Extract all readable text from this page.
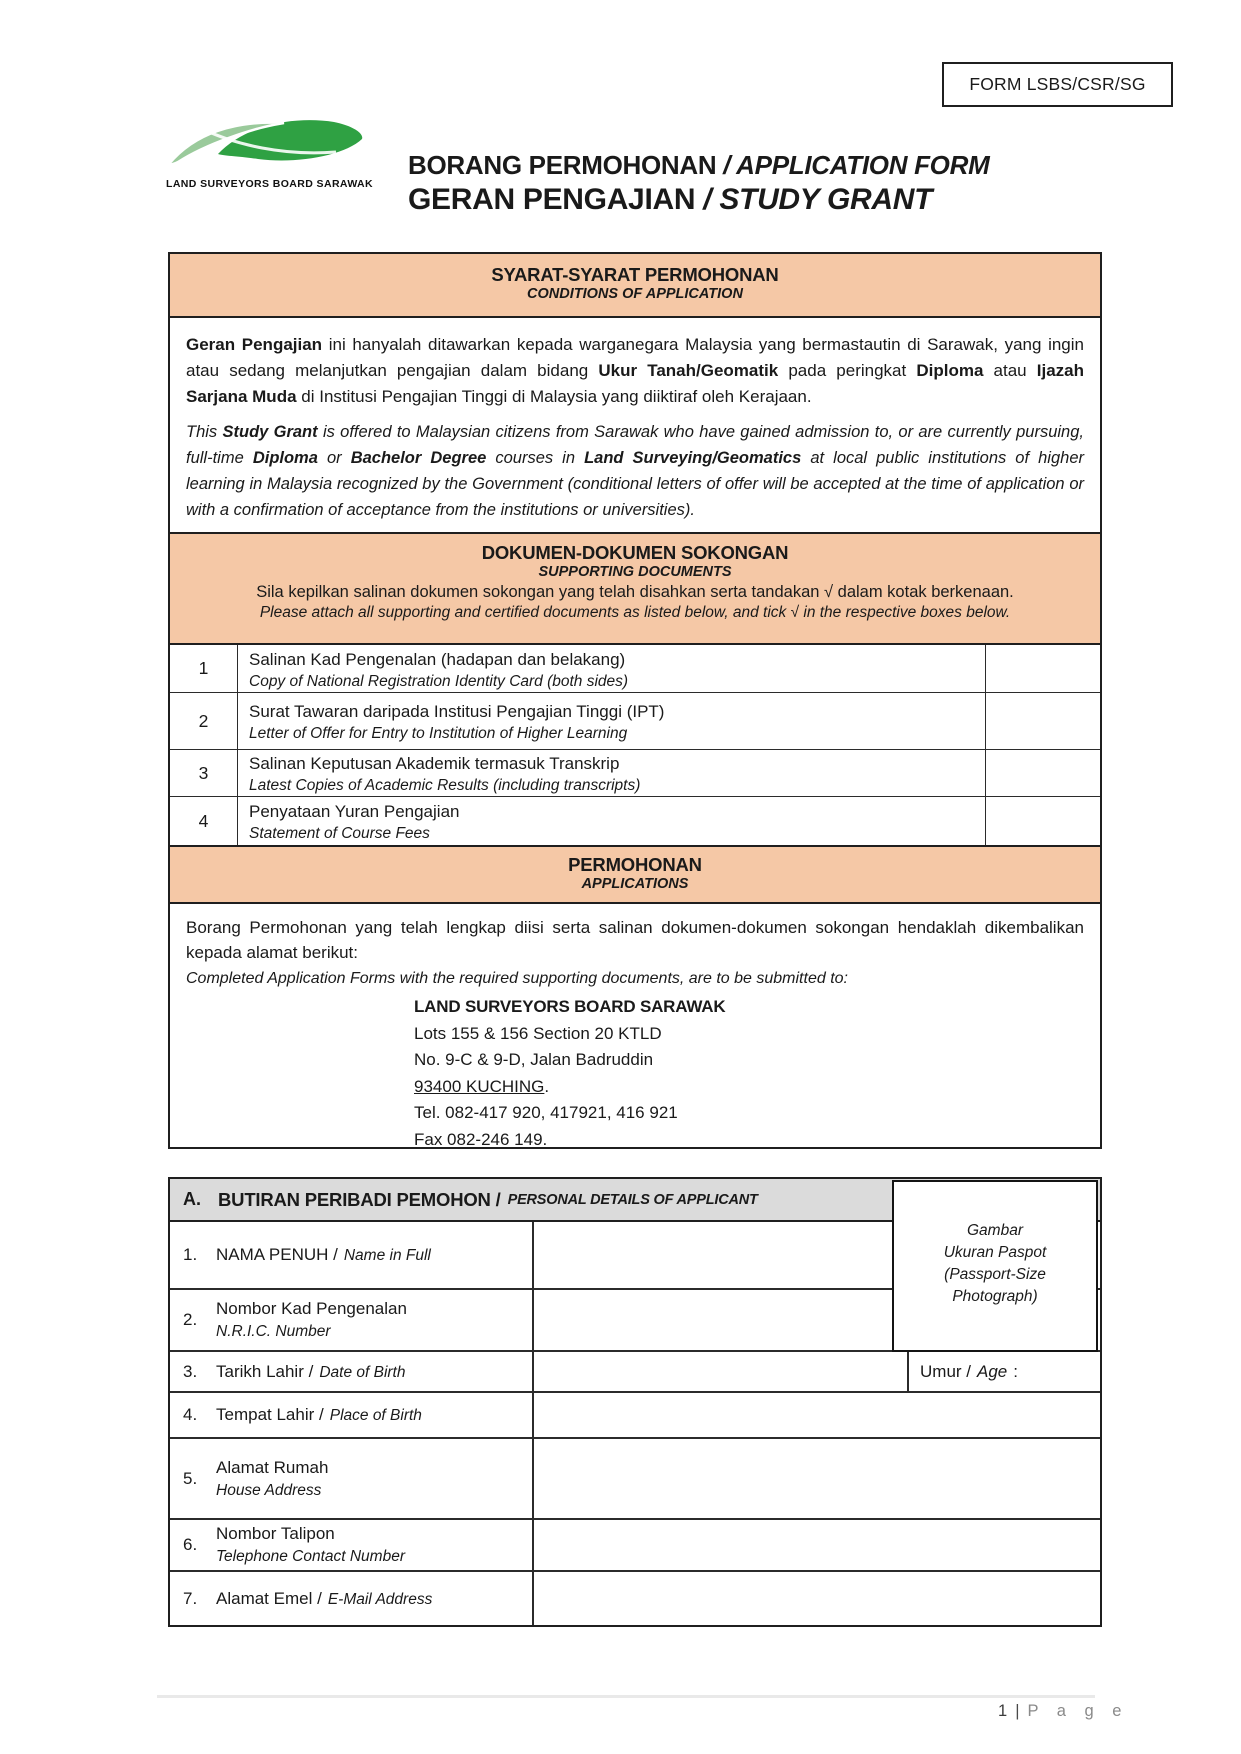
FORM LSBS/CSR/SG
LAND SURVEYORS BOARD SARAWAK
BORANG PERMOHONAN / APPLICATION FORM
GERAN PENGAJIAN / STUDY GRANT
SYARAT-SYARAT PERMOHONAN
CONDITIONS OF APPLICATION
Geran Pengajian ini hanyalah ditawarkan kepada warganegara Malaysia yang bermastautin di Sarawak, yang ingin atau sedang melanjutkan pengajian dalam bidang Ukur Tanah/Geomatik pada peringkat Diploma atau Ijazah Sarjana Muda di Institusi Pengajian Tinggi di Malaysia yang diiktiraf oleh Kerajaan.
This Study Grant is offered to Malaysian citizens from Sarawak who have gained admission to, or are currently pursuing, full-time Diploma or Bachelor Degree courses in Land Surveying/Geomatics at local public institutions of higher learning in Malaysia recognized by the Government (conditional letters of offer will be accepted at the time of application or with a confirmation of acceptance from the institutions or universities).
DOKUMEN-DOKUMEN SOKONGAN
SUPPORTING DOCUMENTS
Sila kepilkan salinan dokumen sokongan yang telah disahkan serta tandakan √ dalam kotak berkenaan.
Please attach all supporting and certified documents as listed below, and tick √ in the respective boxes below.
1	Salinan Kad Pengenalan (hadapan dan belakang)
Copy of National Registration Identity Card (both sides)
2	Surat Tawaran daripada Institusi Pengajian Tinggi (IPT)
Letter of Offer for Entry to Institution of Higher Learning
3	Salinan Keputusan Akademik termasuk Transkrip
Latest Copies of Academic Results (including transcripts)
4	Penyataan Yuran Pengajian
Statement of Course Fees
PERMOHONAN
APPLICATIONS
Borang Permohonan yang telah lengkap diisi serta salinan dokumen-dokumen sokongan hendaklah dikembalikan kepada alamat berikut:
Completed Application Forms with the required supporting documents, are to be submitted to:
LAND SURVEYORS BOARD SARAWAK
Lots 155 & 156 Section 20 KTLD
No. 9-C & 9-D, Jalan Badruddin
93400 KUCHING.
Tel. 082-417 920, 417921, 416 921
Fax 082-246 149.
A. BUTIRAN PERIBADI PEMOHON / PERSONAL DETAILS OF APPLICANT
1.	NAMA PENUH / Name in Full
2.
Nombor Kad Pengenalan
N.R.I.C. Number
3.	Tarikh Lahir / Date of Birth	Umur / Age :
4.	Tempat Lahir / Place of Birth
5.
Alamat Rumah
House Address
6.
Nombor Talipon
Telephone Contact Number
7.	Alamat Emel / E-Mail Address
Gambar
Ukuran Paspot
(Passport-Size
Photograph)
1 | P a g e
